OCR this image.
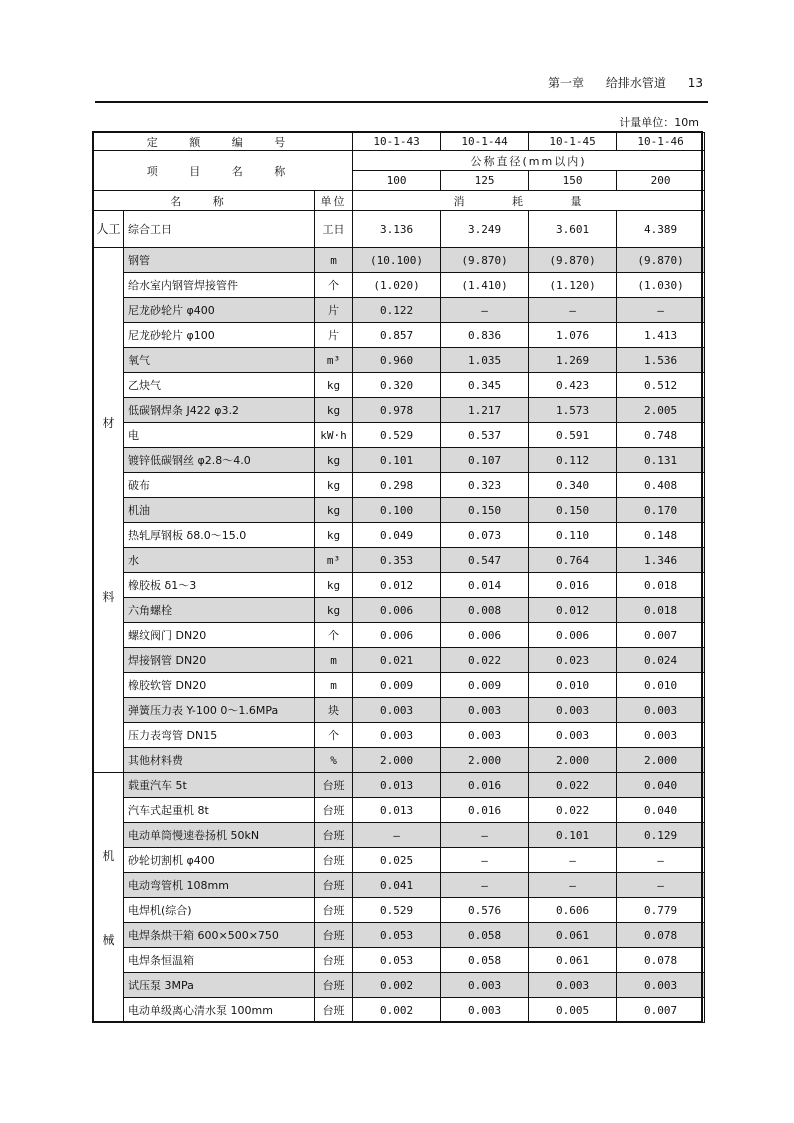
第一章 给排水管道 13
计量单位：10m
定 额 编 号			10-1-43	10-1-44	10-1-45	10-1-46
项 目 名 称			公称直径(mm以内)			
			100	125	150	200
名 称		单位	消 耗 量			
人工	综合工日	工日	3.136	3.249	3.601	4.389

材
料	钢管	m	(10.100)	(9.870)	(9.870)	(9.870)
	给水室内钢管焊接管件	个	(1.020)	(1.410)	(1.120)	(1.030)
	尼龙砂轮片 φ400	片	0.122	—	—	—
	尼龙砂轮片 φ100	片	0.857	0.836	1.076	1.413
	氧气	m³	0.960	1.035	1.269	1.536
	乙炔气	kg	0.320	0.345	0.423	0.512
	低碳钢焊条 J422 φ3.2	kg	0.978	1.217	1.573	2.005
	电	kW·h	0.529	0.537	0.591	0.748
	镀锌低碳钢丝 φ2.8～4.0	kg	0.101	0.107	0.112	0.131
	破布	kg	0.298	0.323	0.340	0.408
	机油	kg	0.100	0.150	0.150	0.170
	热轧厚钢板 δ8.0～15.0	kg	0.049	0.073	0.110	0.148
	水	m³	0.353	0.547	0.764	1.346
	橡胶板 δ1～3	kg	0.012	0.014	0.016	0.018
	六角螺栓	kg	0.006	0.008	0.012	0.018
	螺纹阀门 DN20	个	0.006	0.006	0.006	0.007
	焊接钢管 DN20	m	0.021	0.022	0.023	0.024
	橡胶软管 DN20	m	0.009	0.009	0.010	0.010
	弹簧压力表 Y-100 0～1.6MPa	块	0.003	0.003	0.003	0.003
	压力表弯管 DN15	个	0.003	0.003	0.003	0.003
	其他材料费	%	2.000	2.000	2.000	2.000

机
械	载重汽车 5t	台班	0.013	0.016	0.022	0.040
	汽车式起重机 8t	台班	0.013	0.016	0.022	0.040
	电动单筒慢速卷扬机 50kN	台班	—	—	0.101	0.129
	砂轮切割机 φ400	台班	0.025	—	—	—
	电动弯管机 108mm	台班	0.041	—	—	—
	电焊机(综合)	台班	0.529	0.576	0.606	0.779
	电焊条烘干箱 600×500×750	台班	0.053	0.058	0.061	0.078
	电焊条恒温箱	台班	0.053	0.058	0.061	0.078
	试压泵 3MPa	台班	0.002	0.003	0.003	0.003
	电动单级离心清水泵 100mm	台班	0.002	0.003	0.005	0.007
